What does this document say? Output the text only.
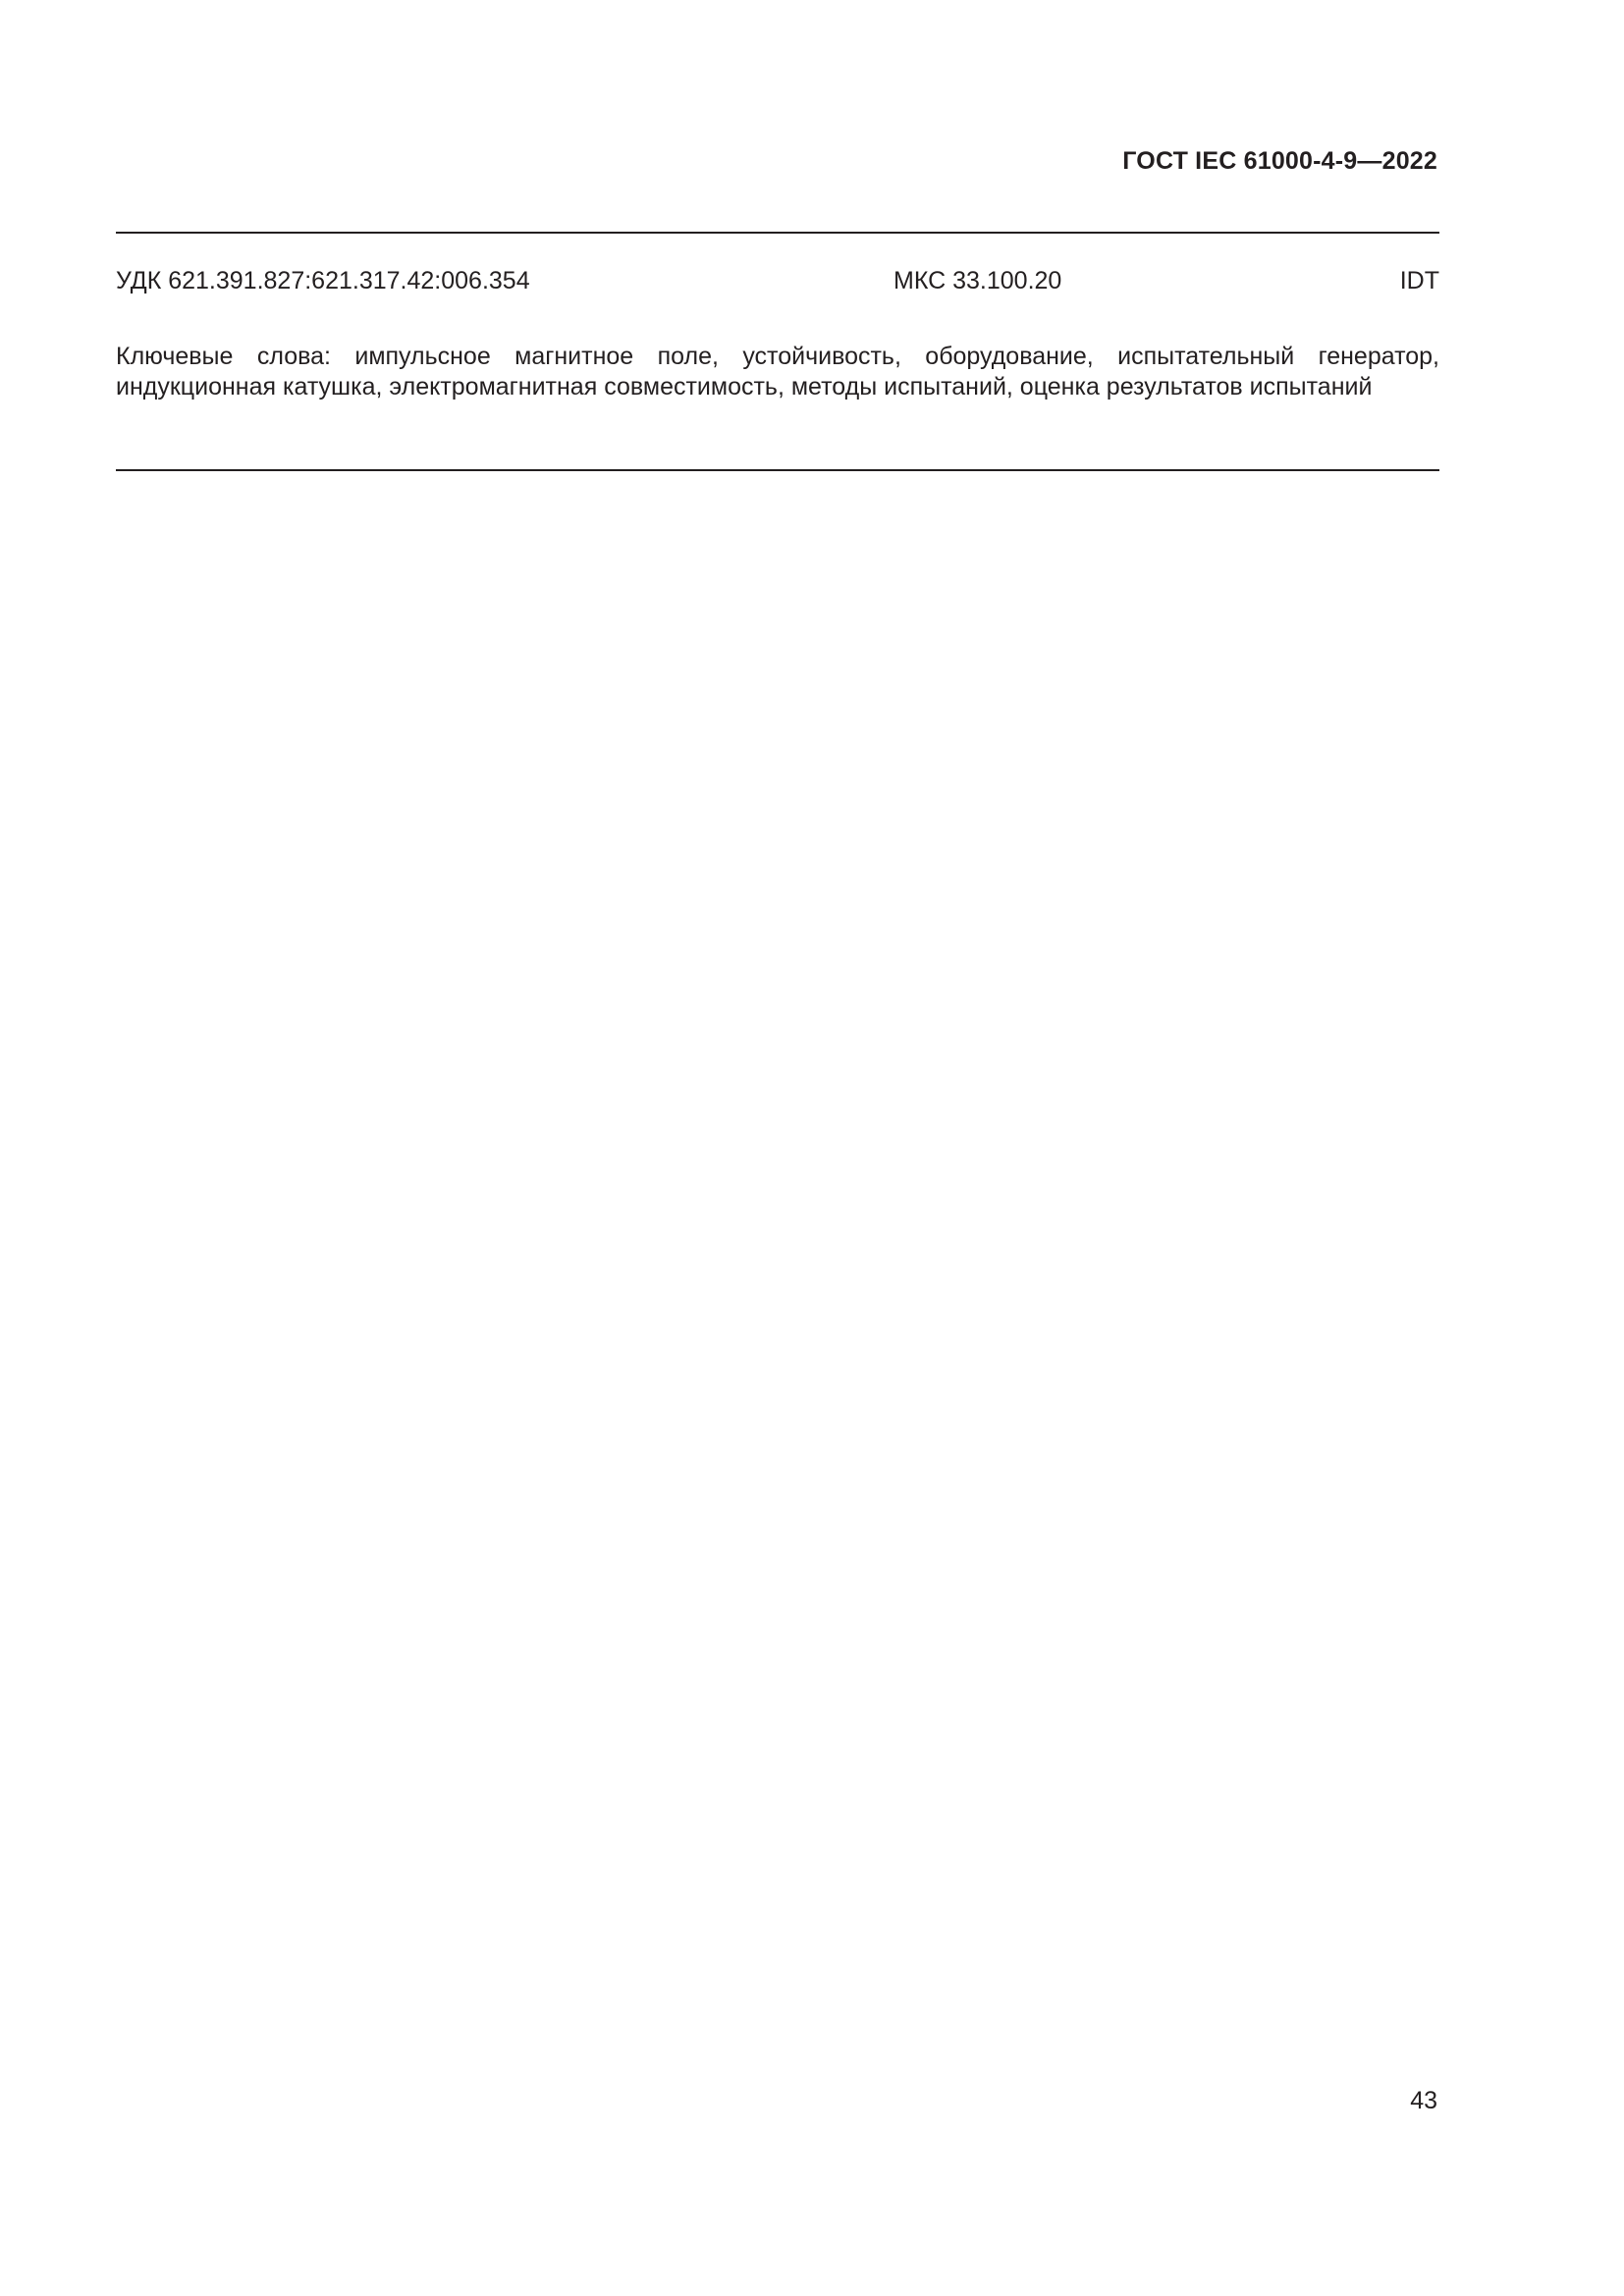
ГОСТ IEC 61000-4-9—2022
УДК 621.391.827:621.317.42:006.354	МКС 33.100.20	IDT
Ключевые слова: импульсное магнитное поле, устойчивость, оборудование, испытательный генератор, индукционная катушка, электромагнитная совместимость, методы испытаний, оценка результатов испытаний
43
